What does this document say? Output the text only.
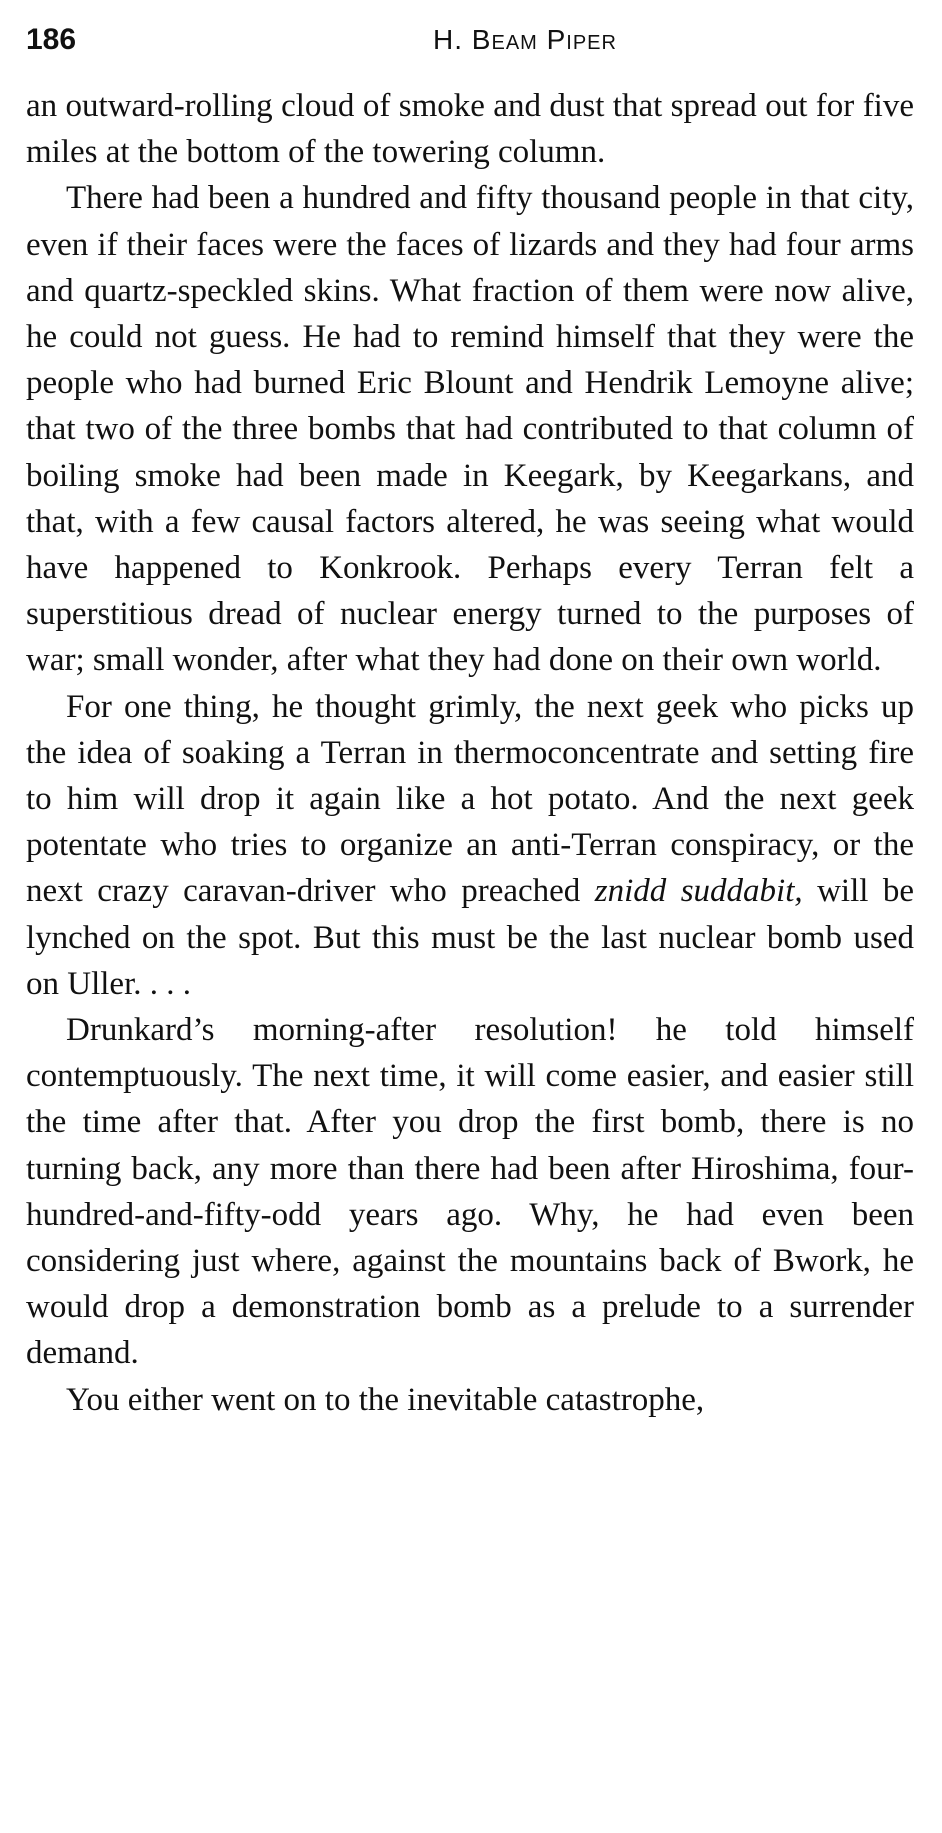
186	H. Beam Piper

an outward-rolling cloud of smoke and dust that spread out for five miles at the bottom of the towering column.

There had been a hundred and fifty thousand people in that city, even if their faces were the faces of lizards and they had four arms and quartz-speckled skins. What fraction of them were now alive, he could not guess. He had to remind himself that they were the people who had burned Eric Blount and Hendrik Lemoyne alive; that two of the three bombs that had contributed to that column of boiling smoke had been made in Keegark, by Keegarkans, and that, with a few causal factors altered, he was seeing what would have happened to Konkrook. Perhaps every Terran felt a superstitious dread of nuclear energy turned to the purposes of war; small wonder, after what they had done on their own world.

For one thing, he thought grimly, the next geek who picks up the idea of soaking a Terran in thermoconcentrate and setting fire to him will drop it again like a hot potato. And the next geek potentate who tries to organize an anti-Terran conspiracy, or the next crazy caravan-driver who preached znidd suddabit, will be lynched on the spot. But this must be the last nuclear bomb used on Uller. . . .

Drunkard’s morning-after resolution! he told himself contemptuously. The next time, it will come easier, and easier still the time after that. After you drop the first bomb, there is no turning back, any more than there had been after Hiroshima, four-hundred-and-fifty-odd years ago. Why, he had even been considering just where, against the mountains back of Bwork, he would drop a demonstration bomb as a prelude to a surrender demand.

You either went on to the inevitable catastrophe,
